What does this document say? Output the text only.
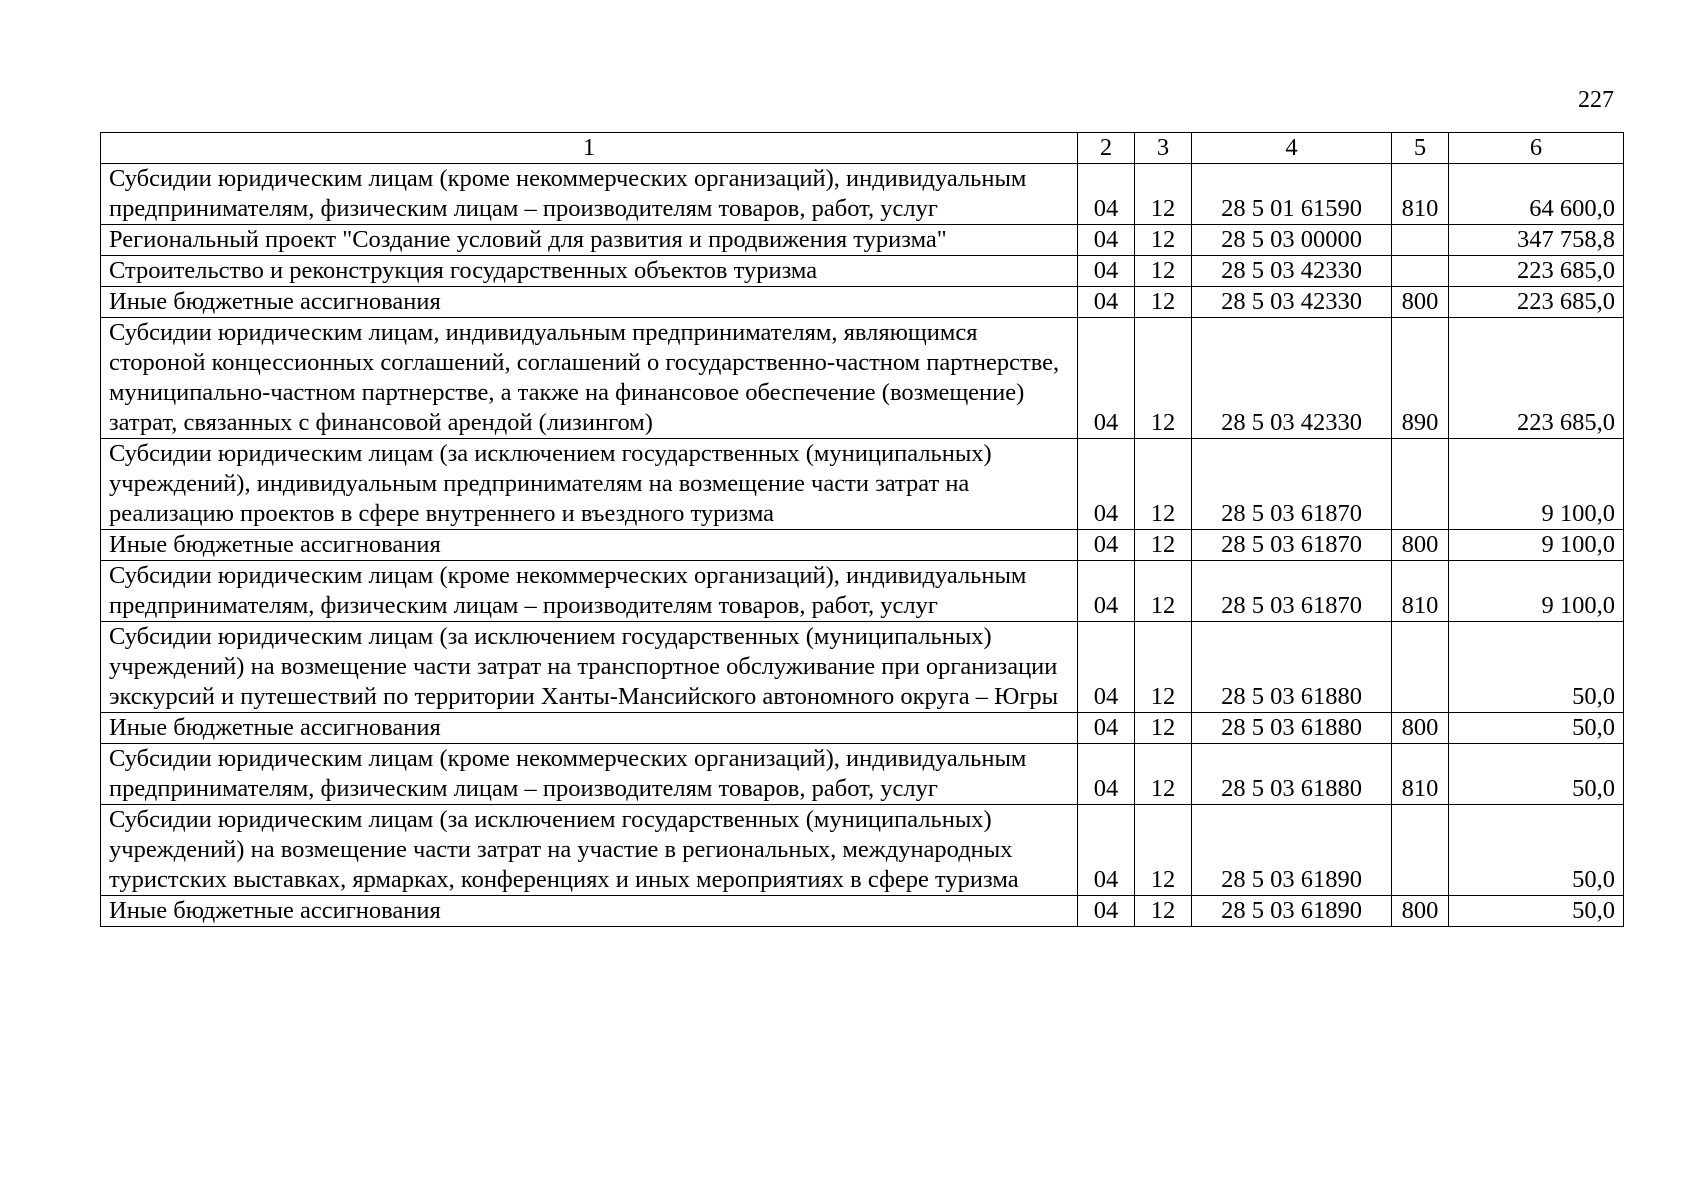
227
1	2	3	4	5	6
Субсидии юридическим лицам (кроме некоммерческих организаций), индивидуальным предпринимателям, физическим лицам – производителям товаров, работ, услуг	04	12	28 5 01 61590	810	64 600,0
Региональный проект "Создание условий для развития и продвижения туризма"	04	12	28 5 03 00000		347 758,8
Строительство и реконструкция государственных объектов туризма	04	12	28 5 03 42330		223 685,0
Иные бюджетные ассигнования	04	12	28 5 03 42330	800	223 685,0
Субсидии юридическим лицам, индивидуальным предпринимателям, являющимся стороной концессионных соглашений, соглашений о государственно-частном партнерстве, муниципально-частном партнерстве, а также на финансовое обеспечение (возмещение) затрат, связанных с финансовой арендой (лизингом)	04	12	28 5 03 42330	890	223 685,0
Субсидии юридическим лицам (за исключением государственных (муниципальных) учреждений), индивидуальным предпринимателям на возмещение части затрат на реализацию проектов в сфере внутреннего и въездного туризма	04	12	28 5 03 61870		9 100,0
Иные бюджетные ассигнования	04	12	28 5 03 61870	800	9 100,0
Субсидии юридическим лицам (кроме некоммерческих организаций), индивидуальным предпринимателям, физическим лицам – производителям товаров, работ, услуг	04	12	28 5 03 61870	810	9 100,0
Субсидии юридическим лицам (за исключением государственных (муниципальных) учреждений) на возмещение части затрат на транспортное обслуживание при организации экскурсий и путешествий по территории Ханты-Мансийского автономного округа – Югры	04	12	28 5 03 61880		50,0
Иные бюджетные ассигнования	04	12	28 5 03 61880	800	50,0
Субсидии юридическим лицам (кроме некоммерческих организаций), индивидуальным предпринимателям, физическим лицам – производителям товаров, работ, услуг	04	12	28 5 03 61880	810	50,0
Субсидии юридическим лицам (за исключением государственных (муниципальных) учреждений) на возмещение части затрат на участие в региональных, международных туристских выставках, ярмарках, конференциях и иных мероприятиях в сфере туризма	04	12	28 5 03 61890		50,0
Иные бюджетные ассигнования	04	12	28 5 03 61890	800	50,0
